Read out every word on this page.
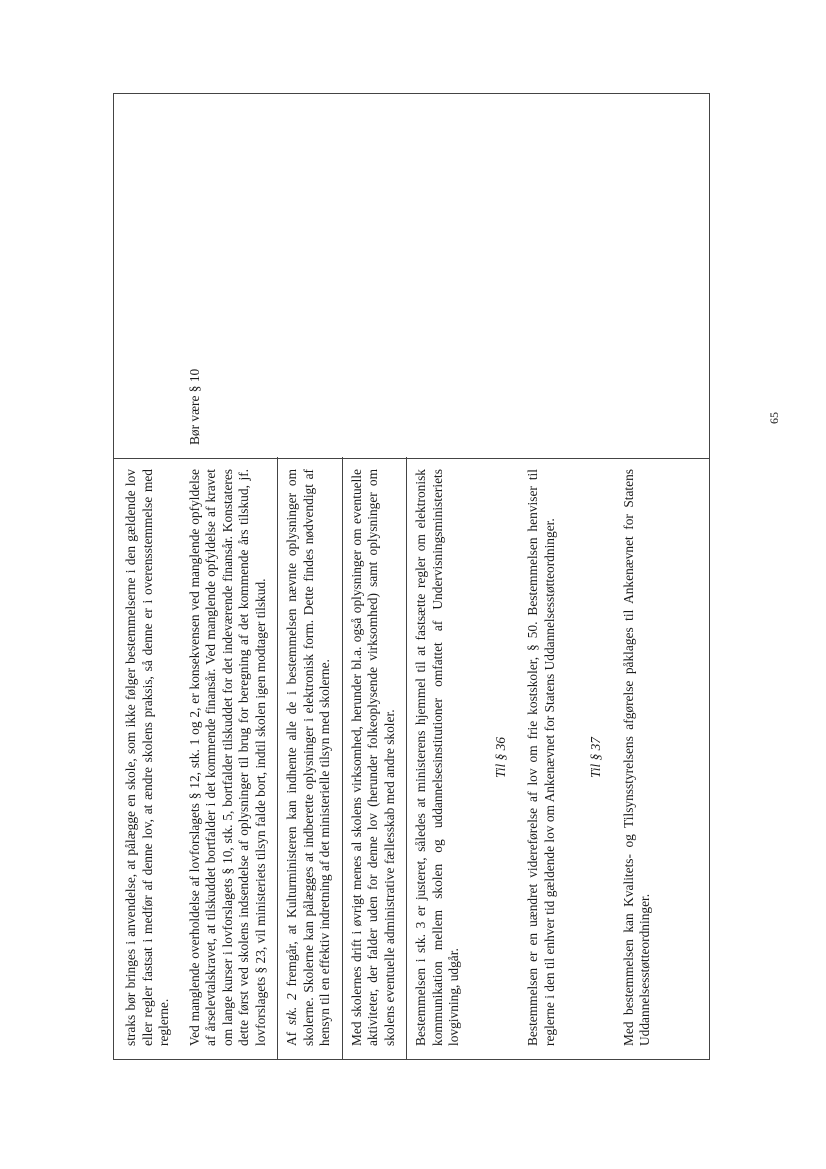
straks bør bringes i anvendelse, at pålægge en skole, som ikke følger bestemmelserne i den gældende lov eller regler fastsat i medfør af denne lov, at ændre skolens praksis, så denne er i overensstemmelse med reglerne. Ved manglende overholdelse af lovforslagets § 12, stk. 1 og 2, er konsekvensen ved manglende opfyldelse af årselevtalskravet, at tilskuddet bortfalder i det kommende finansår. Ved manglende opfyldelse af kravet om lange kurser i lovforslagets § 10, stk. 5, bortfalder tilskuddet for det indeværende finansår. Konstateres dette først ved skolens indsendelse af oplysninger til brug for beregning af det kommende års tilskud, jf. lovforslagets § 23, vil ministeriets tilsyn falde bort, indtil skolen igen modtager tilskud. Af stk. 2 fremgår, at Kulturministeren kan indhente alle de i bestemmelsen nævnte oplysninger om skolerne. Skolerne kan pålægges at indberette oplysninger i elektronisk form. Dette findes nødvendigt af hensyn til en effektiv indretning af det ministerielle tilsyn med skolerne. Med skolernes drift i øvrigt menes al skolens virksomhed, herunder bl.a. også oplysninger om eventuelle aktiviteter, der falder uden for denne lov (herunder folkeoplysende virksomhed) samt oplysninger om skolens eventuelle administrative fællesskab med andre skoler. Bestemmelsen i stk. 3 er justeret, således at ministerens hjemmel til at fastsætte regler om elektronisk kommunikation mellem skolen og uddannelsesinstitutioner omfattet af Undervisningsministeriets lovgivning, udgår.

Til § 36 Bestemmelsen er en uændret videreførelse af lov om frie kostskoler, § 50. Bestemmelsen henviser til reglerne i den til enhver tid gældende lov om Ankenævnet for Statens Uddannelsesstøtteordninger. Til § 37 Med bestemmelsen kan Kvalitets- og Tilsynsstyrelsens afgørelse påklages til Ankenævnet for Statens Uddannelsesstøtteordninger.

Bør være § 10	65
